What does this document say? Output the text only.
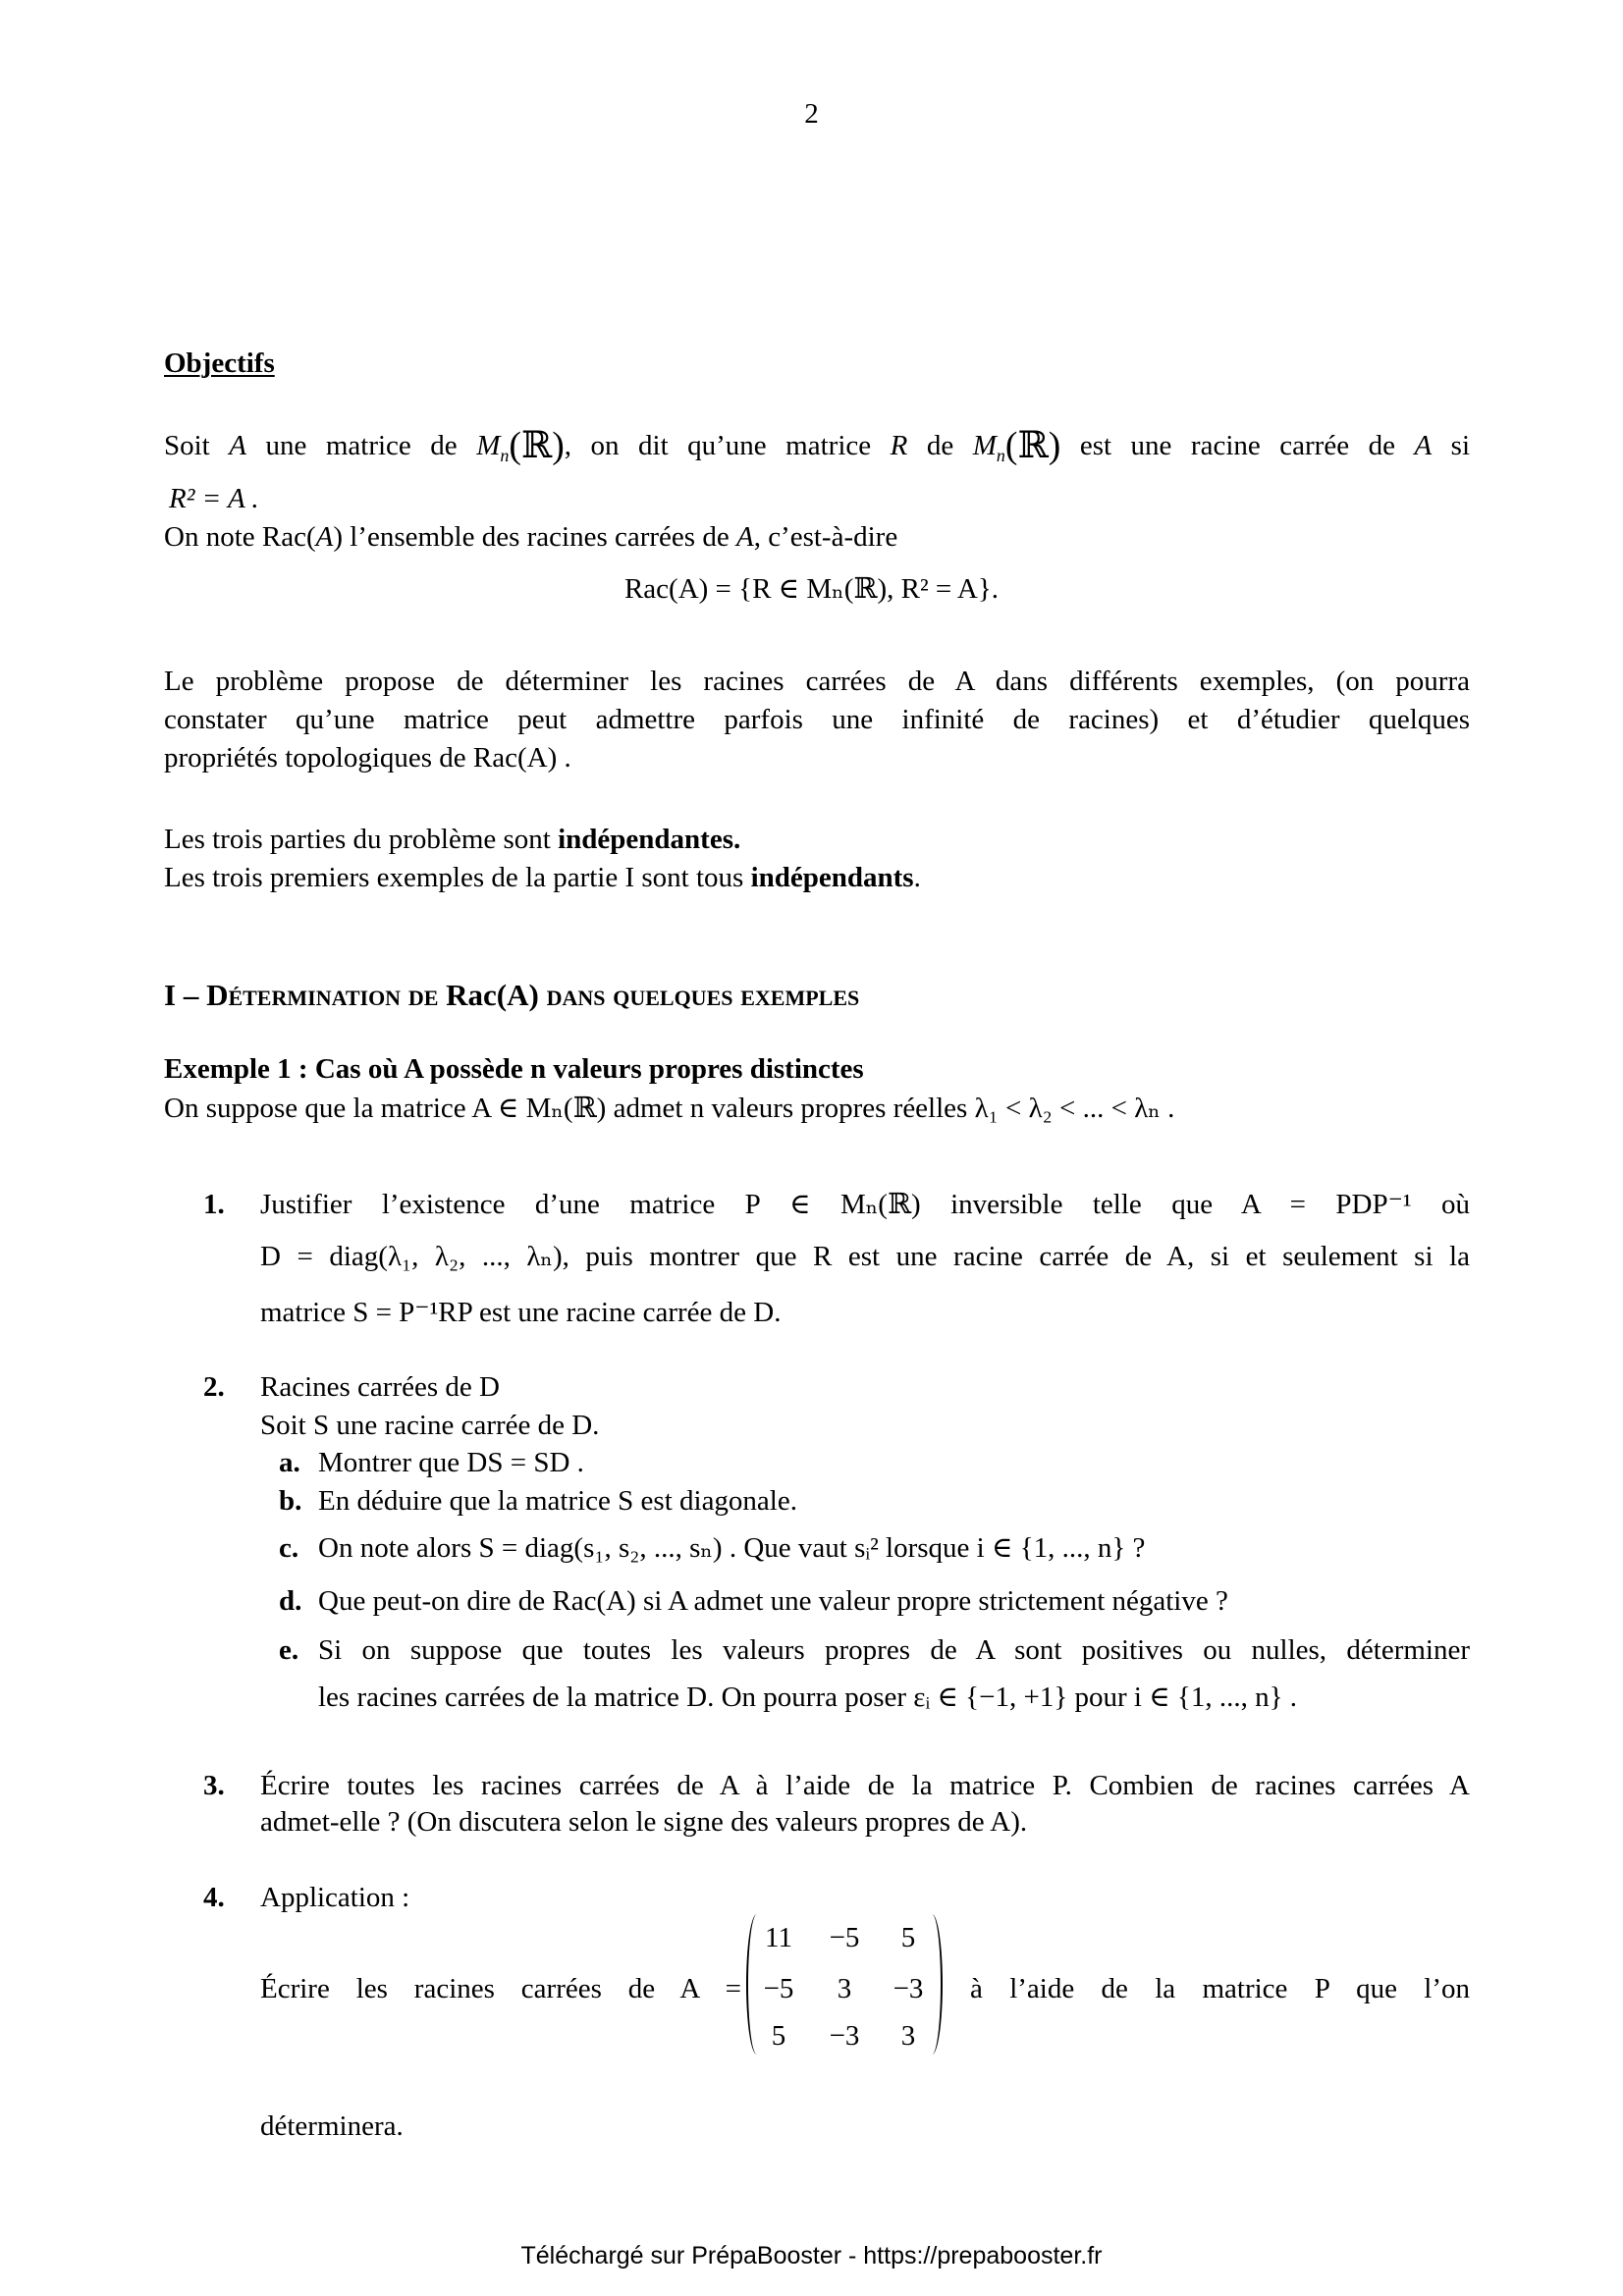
2
Objectifs
Soit A une matrice de $M_n(ℝ)$, on dit qu’une matrice R de $M_n(ℝ)$ est une racine carrée de A si
R² = A .
On note Rac(A) l’ensemble des racines carrées de A, c’est-à-dire
Rac(A) = {R ∈ Mₙ(ℝ), R² = A}.
Le problème propose de déterminer les racines carrées de A dans différents exemples, (on pourra
constater qu’une matrice peut admettre parfois une infinité de racines) et d’étudier quelques
propriétés topologiques de Rac(A) .
Les trois parties du problème sont indépendantes.
Les trois premiers exemples de la partie I sont tous indépendants.
I – Détermination de Rac(A) dans quelques exemples
Exemple 1 : Cas où A possède n valeurs propres distinctes
On suppose que la matrice A ∈ Mₙ(ℝ) admet n valeurs propres réelles λ₁ < λ₂ < ... < λₙ .
1. Justifier l’existence d’une matrice P ∈ Mₙ(ℝ) inversible telle que A = PDP⁻¹ où
D = diag(λ₁, λ₂, ..., λₙ), puis montrer que R est une racine carrée de A, si et seulement si la
matrice S = P⁻¹RP est une racine carrée de D.
2. Racines carrées de D
Soit S une racine carrée de D.
a. Montrer que DS = SD .
b. En déduire que la matrice S est diagonale.
c. On note alors S = diag(s₁, s₂, ..., sₙ) . Que vaut sᵢ² lorsque i ∈ {1, ..., n} ?
d. Que peut-on dire de Rac(A) si A admet une valeur propre strictement négative ?
e. Si on suppose que toutes les valeurs propres de A sont positives ou nulles, déterminer
les racines carrées de la matrice D. On pourra poser εᵢ ∈ {−1, +1} pour i ∈ {1, ..., n} .
3. Écrire toutes les racines carrées de A à l’aide de la matrice P. Combien de racines carrées A
admet-elle ? (On discutera selon le signe des valeurs propres de A).
4. Application :
Écrire les racines carrées de A =
11	−5	5
−5	3	−3
5	−3	3
à l’aide de la matrice P que l’on
déterminera.
Téléchargé sur PrépaBooster - https://prepabooster.fr
